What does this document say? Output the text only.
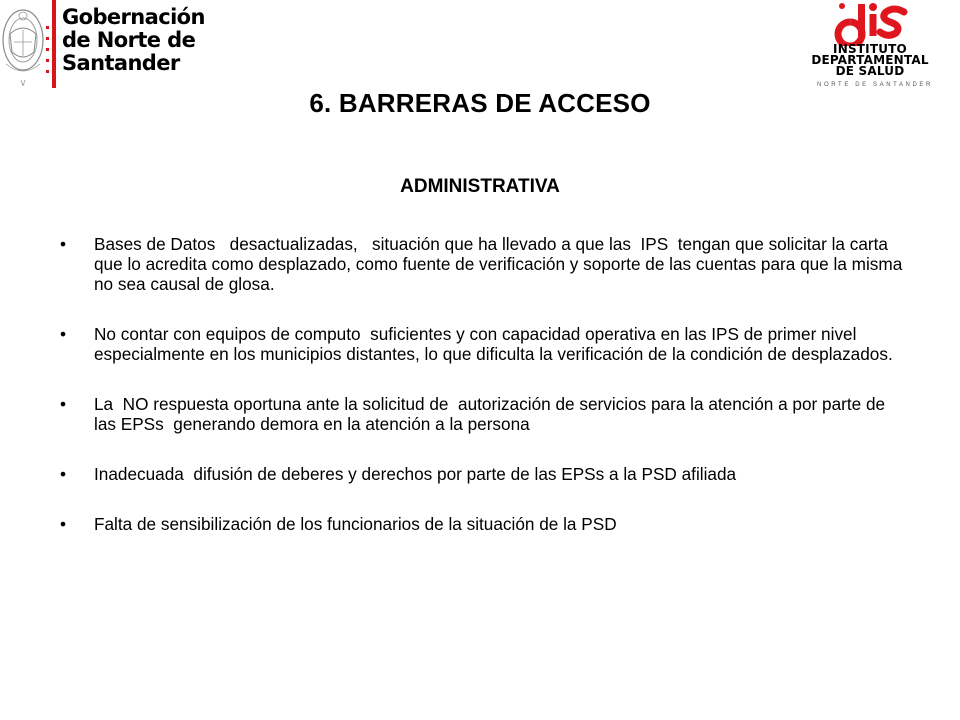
Gobernación
de Norte de
Santander
INSTITUTO
DEPARTAMENTAL
DE SALUD
NORTE DE SANTANDER
6. BARRERAS DE ACCESO
ADMINISTRATIVA
• Bases de Datos   desactualizadas,   situación que ha llevado a que las  IPS  tengan que solicitar la carta  que lo acredita como desplazado, como fuente de verificación y soporte de las cuentas para que la misma no sea causal de glosa.
• No contar con equipos de computo  suficientes y con capacidad operativa en las IPS de primer nivel especialmente en los municipios distantes, lo que dificulta la verificación de la condición de desplazados.
• La  NO respuesta oportuna ante la solicitud de  autorización de servicios para la atención a por parte de las EPSs  generando demora en la atención a la persona
• Inadecuada  difusión de deberes y derechos por parte de las EPSs a la PSD afiliada
• Falta de sensibilización de los funcionarios de la situación de la PSD
